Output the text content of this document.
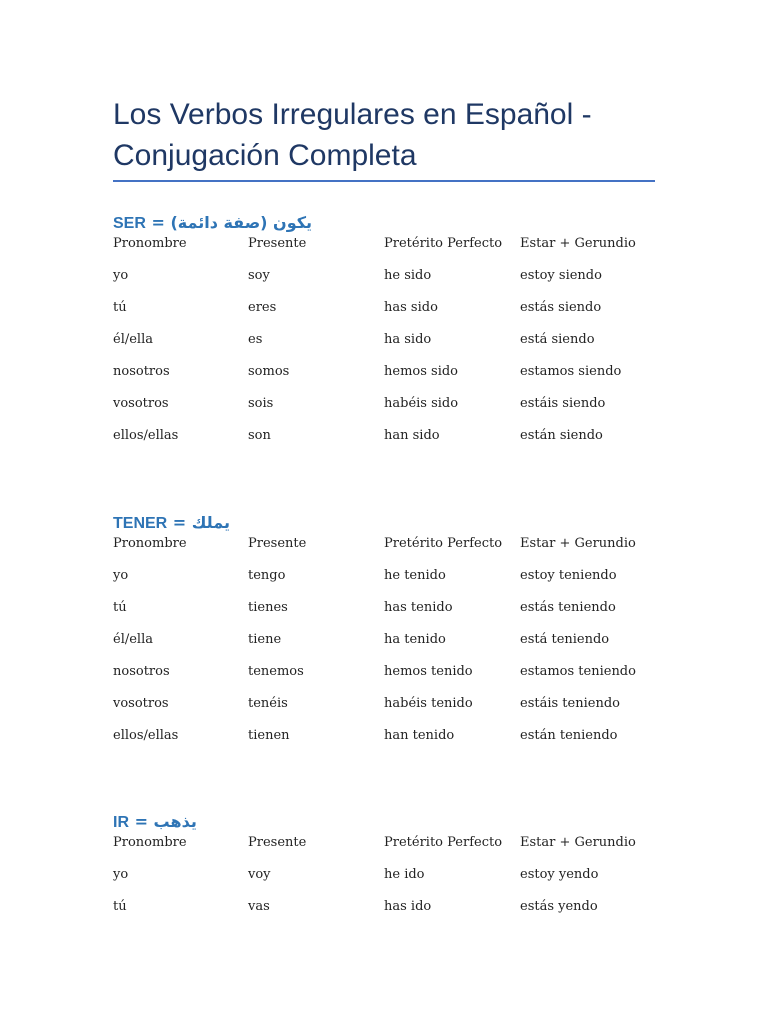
Los Verbos Irregulares en Español - Conjugación Completa
SER = يكون (صفة دائمة)
Pronombre	Presente	Pretérito Perfecto	Estar + Gerundio
yo	soy	he sido	estoy siendo
tú	eres	has sido	estás siendo
él/ella	es	ha sido	está siendo
nosotros	somos	hemos sido	estamos siendo
vosotros	sois	habéis sido	estáis siendo
ellos/ellas	son	han sido	están siendo
TENER = يملك
Pronombre	Presente	Pretérito Perfecto	Estar + Gerundio
yo	tengo	he tenido	estoy teniendo
tú	tienes	has tenido	estás teniendo
él/ella	tiene	ha tenido	está teniendo
nosotros	tenemos	hemos tenido	estamos teniendo
vosotros	tenéis	habéis tenido	estáis teniendo
ellos/ellas	tienen	han tenido	están teniendo
IR = يذهب
Pronombre	Presente	Pretérito Perfecto	Estar + Gerundio
yo	voy	he ido	estoy yendo
tú	vas	has ido	estás yendo
